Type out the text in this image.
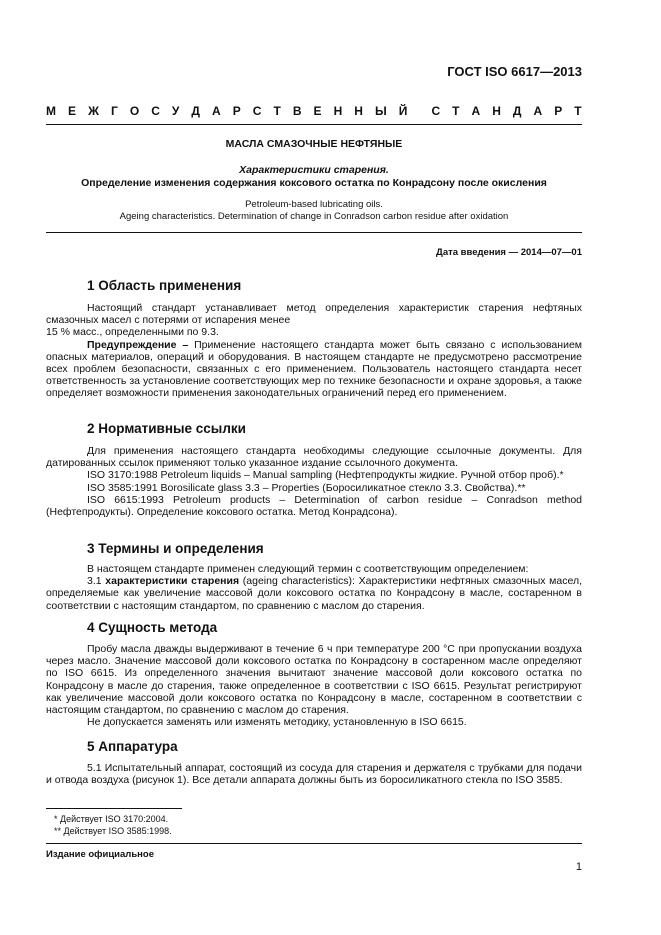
ГОСТ ISO 6617—2013
М Е Ж Г О С У Д А Р С Т В Е Н Н Ы Й С Т А Н Д А Р Т
МАСЛА СМАЗОЧНЫЕ НЕФТЯНЫЕ
Характеристики старения.
Определение изменения содержания коксового остатка по Конрадсону после окисления
Petroleum-based lubricating oils.
Ageing characteristics. Determination of change in Conradson carbon residue after oxidation
Дата введения — 2014—07—01
1 Область применения

Настоящий стандарт устанавливает метод определения характеристик старения нефтяных смазочных масел с потерями от испарения менее

15 % масс., определенными по 9.3.

Предупреждение – Применение настоящего стандарта может быть связано с использованием опасных материалов, операций и оборудования. В настоящем стандарте не предусмотрено рассмотрение всех проблем безопасности, связанных с его применением. Пользователь настоящего стандарта несет ответственность за установление соответствующих мер по технике безопасности и охране здоровья, а также определяет возможности применения законодательных ограничений перед его применением.

2 Нормативные ссылки

Для применения настоящего стандарта необходимы следующие ссылочные документы. Для датированных ссылок применяют только указанное издание ссылочного документа.

ISO 3170:1988 Petroleum liquids – Manual sampling (Нефтепродукты жидкие. Ручной отбор проб).*

ISO 3585:1991 Borosilicate glass 3.3 – Properties (Боросиликатное стекло 3.3. Свойства).**

ISO 6615:1993 Petroleum products – Determination of carbon residue – Conradson method (Нефтепродукты). Определение коксового остатка. Метод Конрадсона).

3 Термины и определения

В настоящем стандарте применен следующий термин с соответствующим определением:

3.1 характеристики старения (ageing characteristics): Характеристики нефтяных смазочных масел, определяемые как увеличение массовой доли коксового остатка по Конрадсону в масле, состаренном в соответствии с настоящим стандартом, по сравнению с маслом до старения.

4 Сущность метода

Пробу масла дважды выдерживают в течение 6 ч при температуре 200 °С при пропускании воздуха через масло. Значение массовой доли коксового остатка по Конрадсону в состаренном масле определяют по ISO 6615. Из определенного значения вычитают значение массовой доли коксового остатка по Конрадсону в масле до старения, также определенное в соответствии с ISO 6615. Результат регистрируют как увеличение массовой доли коксового остатка по Конрадсону в масле, состаренном в соответствии с настоящим стандартом, по сравнению с маслом до старения.

Не допускается заменять или изменять методику, установленную в ISO 6615.

5 Аппаратура

5.1 Испытательный аппарат, состоящий из сосуда для старения и держателя с трубками для подачи и отвода воздуха (рисунок 1). Все детали аппарата должны быть из боросиликатного стекла по ISO 3585.

* Действует ISO 3170:2004.
** Действует ISO 3585:1998.
Издание официальное
1
